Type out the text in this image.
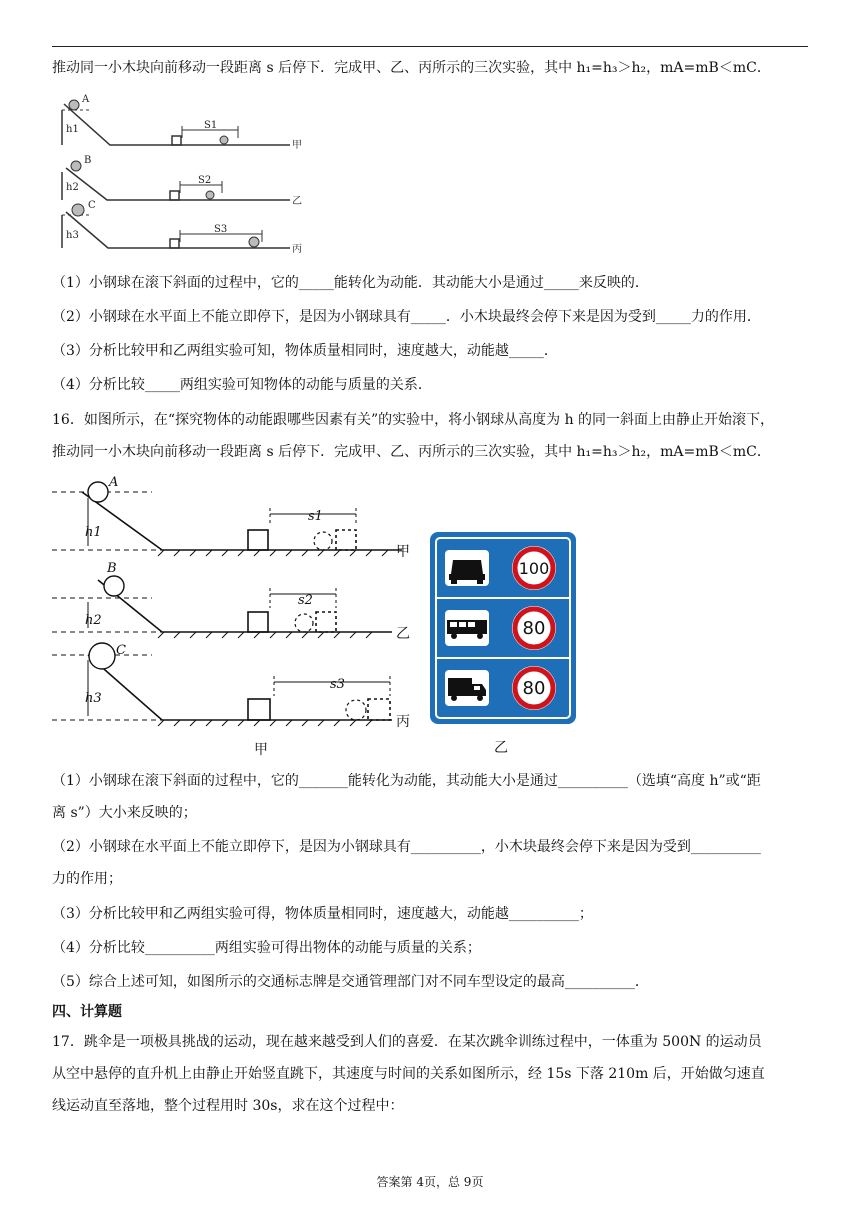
推动同一小木块向前移动一段距离 s 后停下．完成甲、乙、丙所示的三次实验，其中 h₁=h₃＞h₂，mA=mB＜mC．
A
B
C
h1
h2
h3
S1
S2
S3
甲
乙
丙
（1）小钢球在滚下斜面的过程中，它的_____能转化为动能．其动能大小是通过_____来反映的．
（2）小钢球在水平面上不能立即停下，是因为小钢球具有_____．小木块最终会停下来是因为受到_____力的作用．
（3）分析比较甲和乙两组实验可知，物体质量相同时，速度越大，动能越_____．
（4）分析比较_____两组实验可知物体的动能与质量的关系．
16．如图所示，在“探究物体的动能跟哪些因素有关”的实验中，将小钢球从高度为 h 的同一斜面上由静止开始滚下，
推动同一小木块向前移动一段距离 s 后停下．完成甲、乙、丙所示的三次实验，其中 h₁=h₃＞h₂，mA=mB＜mC．
A
B
C
h1
h2
h3
s1
s2
s3
甲
乙
丙
甲	乙
100
80
80
（1）小钢球在滚下斜面的过程中，它的_______能转化为动能，其动能大小是通过__________（选填“高度 h”或“距
离 s”）大小来反映的；
（2）小钢球在水平面上不能立即停下，是因为小钢球具有__________，小木块最终会停下来是因为受到__________
力的作用；
（3）分析比较甲和乙两组实验可得，物体质量相同时，速度越大，动能越__________；
（4）分析比较__________两组实验可得出物体的动能与质量的关系；
（5）综合上述可知，如图所示的交通标志牌是交通管理部门对不同车型设定的最高__________．
四、计算题
17．跳伞是一项极具挑战的运动，现在越来越受到人们的喜爱．在某次跳伞训练过程中，一体重为 500N 的运动员
从空中悬停的直升机上由静止开始竖直跳下，其速度与时间的关系如图所示，经 15s 下落 210m 后，开始做匀速直
线运动直至落地，整个过程用时 30s，求在这个过程中：
答案第 4页，总 9页
